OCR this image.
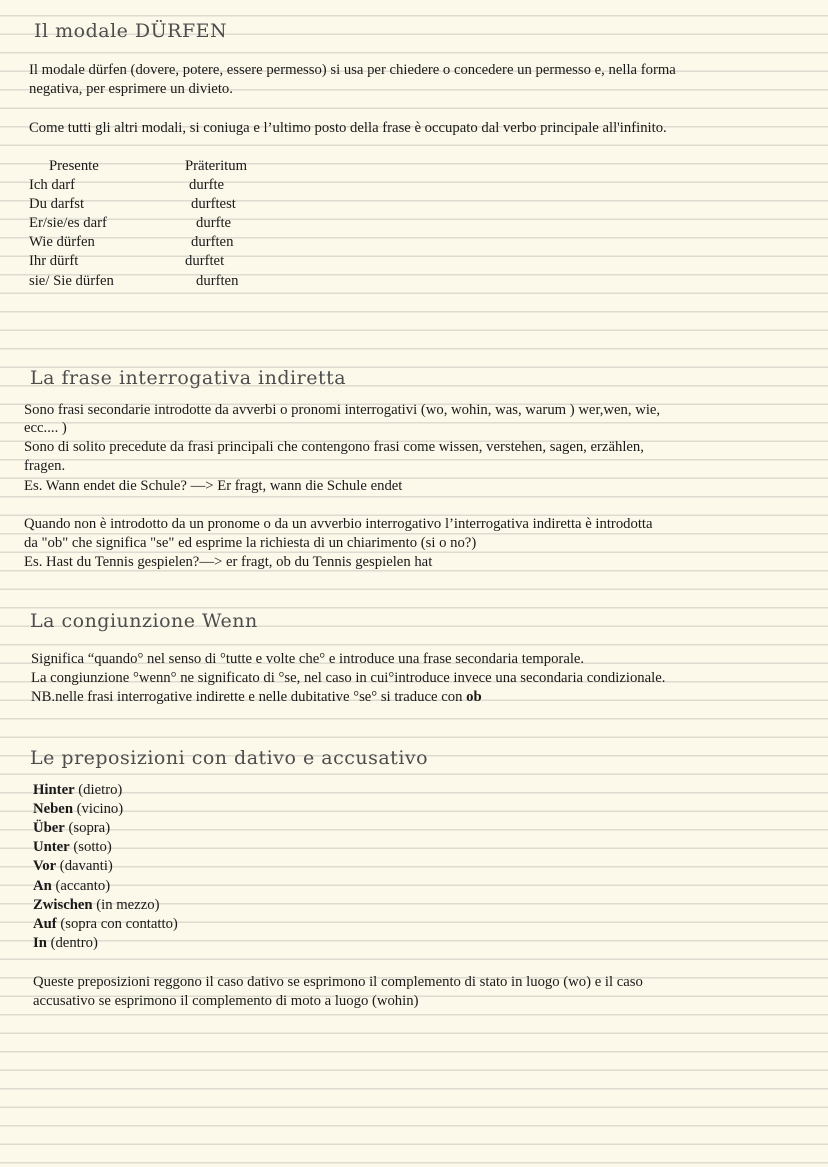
Il modale DÜRFEN
Il modale dürfen (dovere, potere, essere permesso) si usa per chiedere o concedere un permesso e, nella forma
negativa, per esprimere un divieto.
Come tutti gli altri modali, si coniuga e l’ultimo posto della frase è occupato dal verbo principale all'infinito.
Presente	Präteritum
Ich darf	durfte
Du darfst	durftest
Er/sie/es darf	durfte
Wie dürfen	durften
Ihr dürft	durftet
sie/ Sie dürfen	durften
La frase interrogativa indiretta
Sono frasi secondarie introdotte da avverbi o pronomi interrogativi (wo, wohin, was, warum ) wer,wen, wie,
ecc.... )
Sono di solito precedute da frasi principali che contengono frasi come wissen, verstehen, sagen, erzählen,
fragen.
Es. Wann endet die Schule? —> Er fragt, wann die Schule endet
Quando non è introdotto da un pronome o da un avverbio interrogativo l’interrogativa indiretta è introdotta
da "ob" che significa "se" ed esprime la richiesta di un chiarimento (si o no?)
Es. Hast du Tennis gespielen?—> er fragt, ob du Tennis gespielen hat
La congiunzione Wenn
Significa “quando° nel senso di °tutte e volte che° e introduce una frase secondaria temporale.
La congiunzione °wenn° ne significato di °se, nel caso in cui°introduce invece una secondaria condizionale.
NB.nelle frasi interrogative indirette e nelle dubitative °se° si traduce con ob
Le preposizioni con dativo e accusativo
Hinter (dietro)
Neben (vicino)
Über (sopra)
Unter (sotto)
Vor (davanti)
An (accanto)
Zwischen (in mezzo)
Auf (sopra con contatto)
In (dentro)
Queste preposizioni reggono il caso dativo se esprimono il complemento di stato in luogo (wo) e il caso
accusativo se esprimono il complemento di moto a luogo (wohin)
